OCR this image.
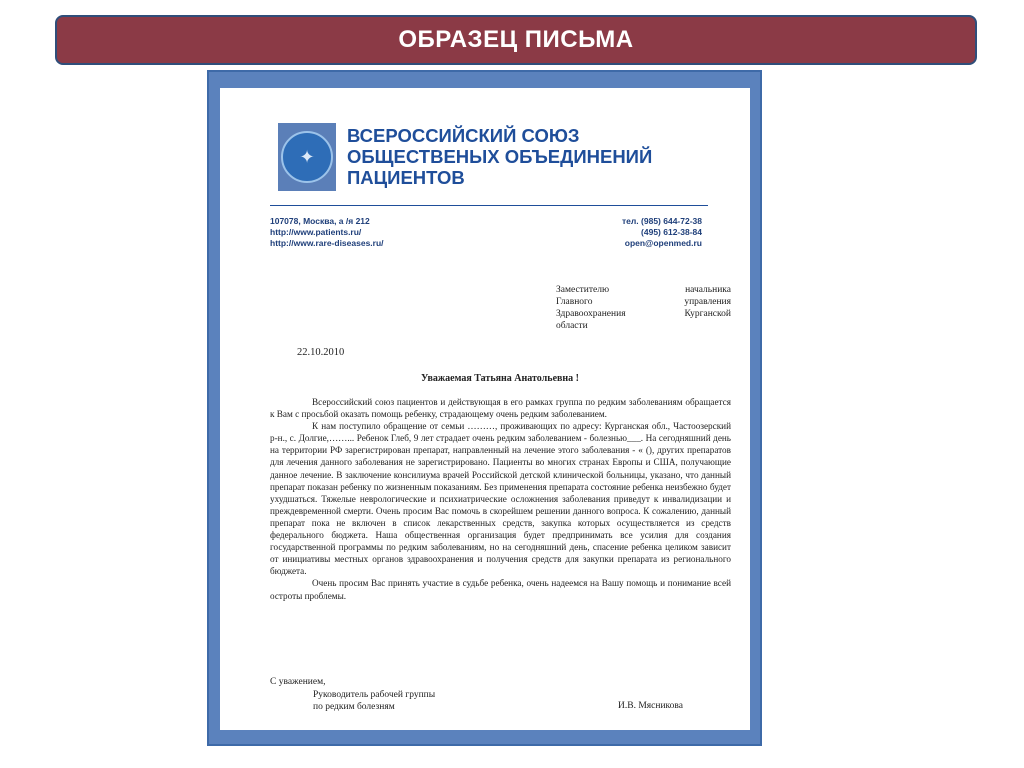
ОБРАЗЕЦ ПИСЬМА
✦
ВСЕРОССИЙСКИЙ СОЮЗ
ОБЩЕСТВЕНЫХ ОБЪЕДИНЕНИЙ
ПАЦИЕНТОВ
107078, Москва, а /я 212
http://www.patients.ru/
http://www.rare-diseases.ru/
тел. (985) 644-72-38
(495) 612-38-84
open@openmed.ru
Заместителю	начальника
Главного	управления
Здравоохранения	Курганской
области
22.10.2010
Уважаемая Татьяна Анатольевна !

Всероссийский союз пациентов и действующая в его рамках группа по редким заболеваниям обращается к Вам с просьбой оказать помощь ребенку, страдающему очень редким заболеванием.

К нам поступило обращение от семьи ………, проживающих по адресу: Курганская обл., Частоозерский р-н., с. Долгие,……... Ребенок Глеб, 9 лет страдает очень редким заболеванием - болезнью___. На сегодняшний день на территории РФ зарегистрирован препарат, направленный на лечение этого заболевания - « (), других препаратов для лечения данного заболевания не зарегистрировано. Пациенты во многих странах Европы и США, получающие данное лечение. В заключение консилиума врачей Российской детской клинической больницы, указано, что данный препарат показан ребенку по жизненным показаниям. Без применения препарата состояние ребенка неизбежно будет ухудшаться. Тяжелые неврологические и психиатрические осложнения заболевания приведут к инвалидизации и преждевременной смерти. Очень просим Вас помочь в скорейшем решении данного вопроса. К сожалению, данный препарат пока не включен в список лекарственных средств, закупка которых осуществляется из средств федерального бюджета. Наша общественная организация будет предпринимать все усилия для создания государственной программы по редким заболеваниям, но на сегодняшний день, спасение ребенка целиком зависит от инициативы местных органов здравоохранения и получения средств для закупки препарата из регионального бюджета.

Очень просим Вас принять участие в судьбе ребенка, очень надеемся на Вашу помощь и понимание всей остроты проблемы.

С уважением,
Руководитель рабочей группы
по редким болезням	И.В. Мясникова
